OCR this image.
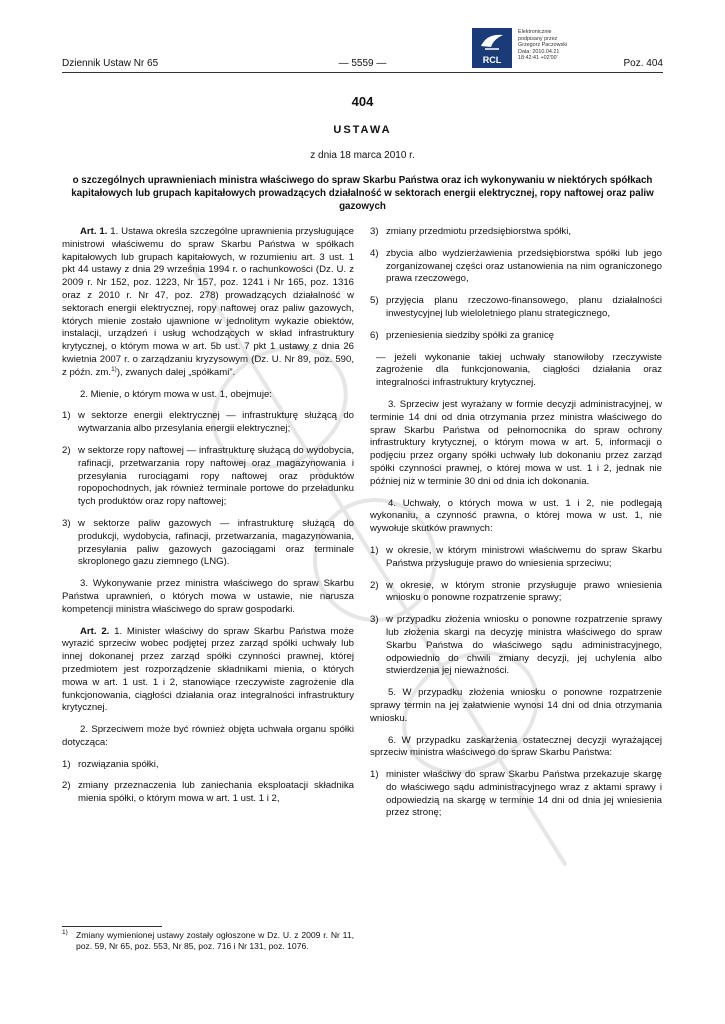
Dziennik Ustaw Nr 65	— 5559 —	Poz. 404
RCL
Elektronicznie
podpisany przez
Grzegorz Paczowski
Data: 2010.04.21
18:42:41 +02'00'
404
USTAWA
z dnia 18 marca 2010 r.
o szczególnych uprawnieniach ministra właściwego do spraw Skarbu Państwa oraz ich wykonywaniu w niektórych spółkach kapitałowych lub grupach kapitałowych prowadzących działalność w sektorach energii elektrycznej, ropy naftowej oraz paliw gazowych

Art. 1. 1. Ustawa określa szczególne uprawnienia przysługujące ministrowi właściwemu do spraw Skarbu Państwa w spółkach kapitałowych lub grupach kapitałowych, w rozumieniu art. 3 ust. 1 pkt 44 ustawy z dnia 29 września 1994 r. o rachunkowości (Dz. U. z 2009 r. Nr 152, poz. 1223, Nr 157, poz. 1241 i Nr 165, poz. 1316 oraz z 2010 r. Nr 47, poz. 278) prowadzących działalność w sektorach energii elektrycznej, ropy naftowej oraz paliw gazowych, których mienie zostało ujawnione w jednolitym wykazie obiektów, instalacji, urządzeń i usług wchodzących w skład infrastruktury krytycznej, o którym mowa w art. 5b ust. 7 pkt 1 ustawy z dnia 26 kwietnia 2007 r. o zarządzaniu kryzysowym (Dz. U. Nr 89, poz. 590, z późn. zm.$^{1)}$), zwanych dalej „spółkami”.

2. Mienie, o którym mowa w ust. 1, obejmuje:

1) w sektorze energii elektrycznej — infrastrukturę służącą do wytwarzania albo przesylania energii elektrycznej;
2) w sektorze ropy naftowej — infrastrukturę służącą do wydobycia, rafinacji, przetwarzania ropy naftowej oraz magazynowania i przesyłania rurociągami ropy naftowej oraz produktów ropopochodnych, jak również terminale portowe do przeładunku tych produktów oraz ropy naftowej;
3) w sektorze paliw gazowych — infrastrukturę służącą do produkcji, wydobycia, rafinacji, przetwarzania, magazynowania, przesyłania paliw gazowych gazociągami oraz terminale skroplonego gazu ziemnego (LNG).

3. Wykonywanie przez ministra właściwego do spraw Skarbu Państwa uprawnień, o których mowa w ustawie, nie narusza kompetencji ministra właściwego do spraw gospodarki.

Art. 2. 1. Minister właściwy do spraw Skarbu Państwa może wyrazić sprzeciw wobec podjętej przez zarząd spółki uchwały lub innej dokonanej przez zarząd spółki czynności prawnej, której przedmiotem jest rozporządzenie składnikami mienia, o których mowa w art. 1 ust. 1 i 2, stanowiące rzeczywiste zagrożenie dla funkcjonowania, ciągłości działania oraz integralności infrastruktury krytycznej.

2. Sprzeciwem może być również objęta uchwała organu spółki dotycząca:

1) rozwiązania spółki,
2) zmiany przeznaczenia lub zaniechania eksploatacji składnika mienia spółki, o którym mowa w art. 1 ust. 1 i 2,
$^{1)}$ Zmiany wymienionej ustawy zostały ogłoszone w Dz. U. z 2009 r. Nr 11, poz. 59, Nr 65, poz. 553, Nr 85, poz. 716 i Nr 131, poz. 1076.
3) zmiany przedmiotu przedsiębiorstwa spółki,
4) zbycia albo wydzierżawienia przedsiębiorstwa spółki lub jego zorganizowanej części oraz ustanowienia na nim ograniczonego prawa rzeczowego,
5) przyjęcia planu rzeczowo-finansowego, planu działalności inwestycyjnej lub wieloletniego planu strategicznego,
6) przeniesienia siedziby spółki za granicę

— jeżeli wykonanie takiej uchwały stanowiłoby rzeczywiste zagrożenie dla funkcjonowania, ciągłości działania oraz integralności infrastruktury krytycznej.

3. Sprzeciw jest wyrażany w formie decyzji administracyjnej, w terminie 14 dni od dnia otrzymania przez ministra właściwego do spraw Skarbu Państwa od pełnomocnika do spraw ochrony infrastruktury krytycznej, o którym mowa w art. 5, informacji o podjęciu przez organy spółki uchwały lub dokonaniu przez zarząd spółki czynności prawnej, o której mowa w ust. 1 i 2, jednak nie później niż w terminie 30 dni od dnia ich dokonania.

4. Uchwały, o których mowa w ust. 1 i 2, nie podlegają wykonaniu, a czynność prawna, o której mowa w ust. 1, nie wywołuje skutków prawnych:

1) w okresie, w którym ministrowi właściwemu do spraw Skarbu Państwa przysługuje prawo do wniesienia sprzeciwu;
2) w okresie, w którym stronie przysługuje prawo wniesienia wniosku o ponowne rozpatrzenie sprawy;
3) w przypadku złożenia wniosku o ponowne rozpatrzenie sprawy lub złożenia skargi na decyzję ministra właściwego do spraw Skarbu Państwa do właściwego sądu administracyjnego, odpowiednio do chwili zmiany decyzji, jej uchylenia albo stwierdzenia jej nieważności.

5. W przypadku złożenia wniosku o ponowne rozpatrzenie sprawy termin na jej załatwienie wynosi 14 dni od dnia otrzymania wniosku.

6. W przypadku zaskarżenia ostatecznej decyzji wyrażającej sprzeciw ministra właściwego do spraw Skarbu Państwa:

1) minister właściwy do spraw Skarbu Państwa przekazuje skargę do właściwego sądu administracyjnego wraz z aktami sprawy i odpowiedzią na skargę w terminie 14 dni od dnia jej wniesienia przez stronę;
